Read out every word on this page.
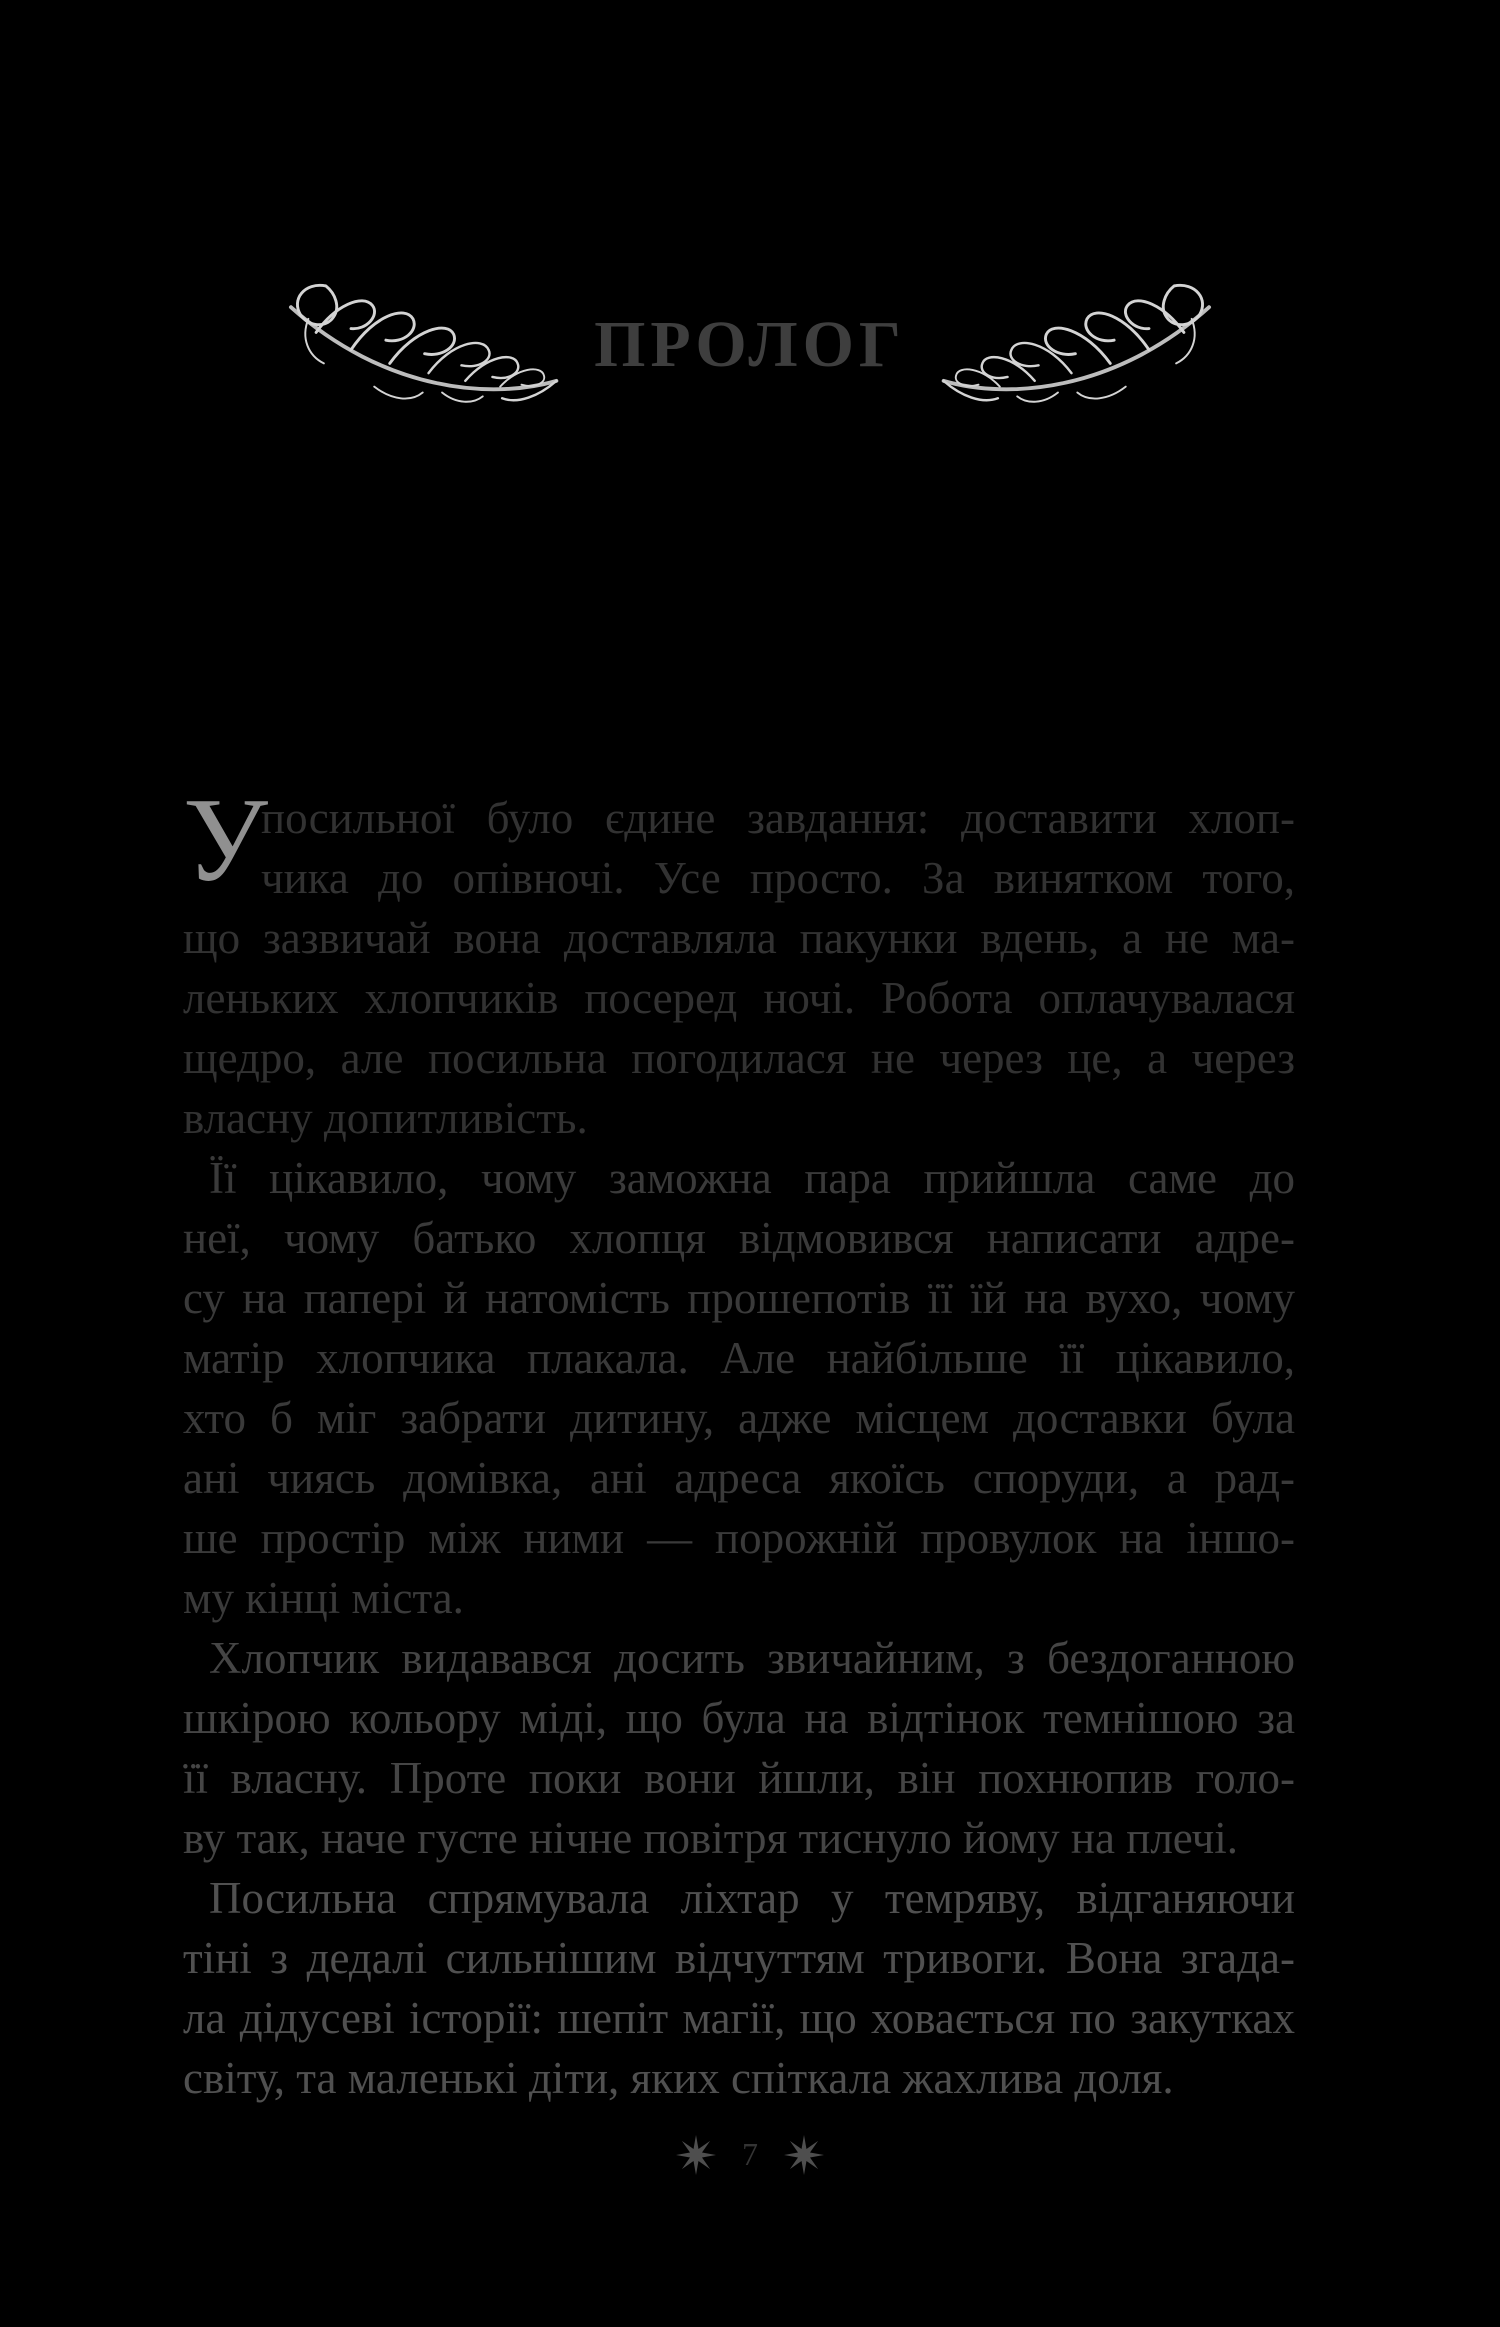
ПРОЛОГ
У
посильної було єдине завдання: доставити хлоп-
чика до опівночі. Усе просто. За винятком того,
що зазвичай вона доставляла пакунки вдень, а не ма-
леньких хлопчиків посеред ночі. Робота оплачувалася
щедро, але посильна погодилася не через це, а через
власну допитливість.
Її цікавило, чому заможна пара прийшла саме до
неї, чому батько хлопця відмовився написати адре-
су на папері й натомість прошепотів її їй на вухо, чому
матір хлопчика плакала. Але найбільше її цікавило,
хто б міг забрати дитину, адже місцем доставки була
ані чиясь домівка, ані адреса якоїсь споруди, а рад-
ше простір між ними — порожній провулок на іншо-
му кінці міста.
Хлопчик видавався досить звичайним, з бездоганною
шкірою кольору міді, що була на відтінок темнішою за
її власну. Проте поки вони йшли, він похнюпив голо-
ву так, наче густе нічне повітря тиснуло йому на плечі.
Посильна спрямувала ліхтар у темряву, відганяючи
тіні з дедалі сильнішим відчуттям тривоги. Вона згада-
ла дідусеві історії: шепіт магії, що ховається по закутках
світу, та маленькі діти, яких спіткала жахлива доля.
7
